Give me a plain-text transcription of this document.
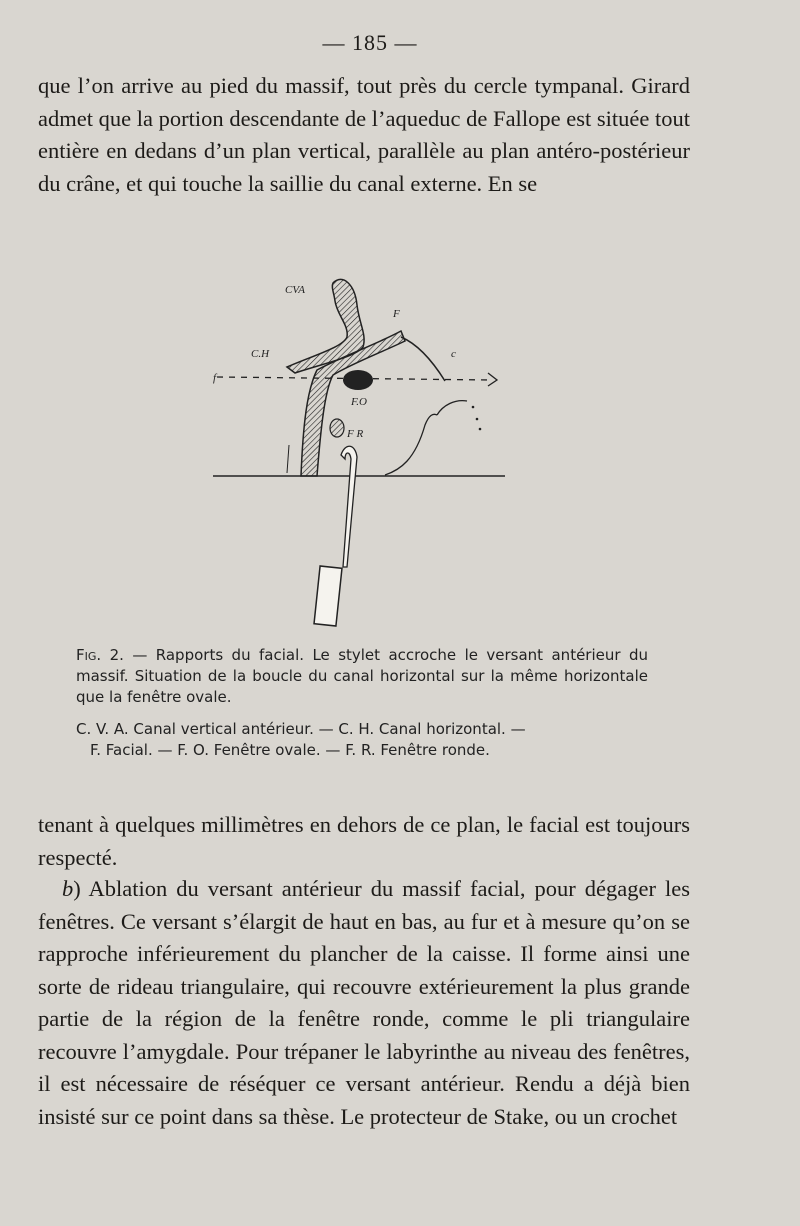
— 185 —
que l’on arrive au pied du massif, tout près du cercle tympanal. Girard admet que la portion descendante de l’aqueduc de Fallope est située tout entière en dedans d’un plan vertical, parallèle au plan antéro-postérieur du crâne, et qui touche la saillie du canal externe. En se
f
c
CVA
F
C.H
F.O
F R
Fig. 2. — Rapports du facial. Le stylet accroche le versant antérieur du massif. Situation de la boucle du canal horizontal sur la même horizontale que la fenêtre ovale.
C. V. A. Canal vertical antérieur. — C. H. Canal horizontal. —
F. Facial. — F. O. Fenêtre ovale. — F. R. Fenêtre ronde.
tenant à quelques millimètres en dehors de ce plan, le facial est toujours respecté.
b) Ablation du versant antérieur du massif facial, pour dégager les fenêtres. Ce versant s’élargit de haut en bas, au fur et à mesure qu’on se rapproche inférieurement du plancher de la caisse. Il forme ainsi une sorte de rideau triangulaire, qui recouvre extérieurement la plus grande partie de la région de la fenêtre ronde, comme le pli triangulaire recouvre l’amygdale. Pour trépaner le labyrinthe au niveau des fenêtres, il est nécessaire de réséquer ce versant antérieur. Rendu a déjà bien insisté sur ce point dans sa thèse. Le protecteur de Stake, ou un crochet
